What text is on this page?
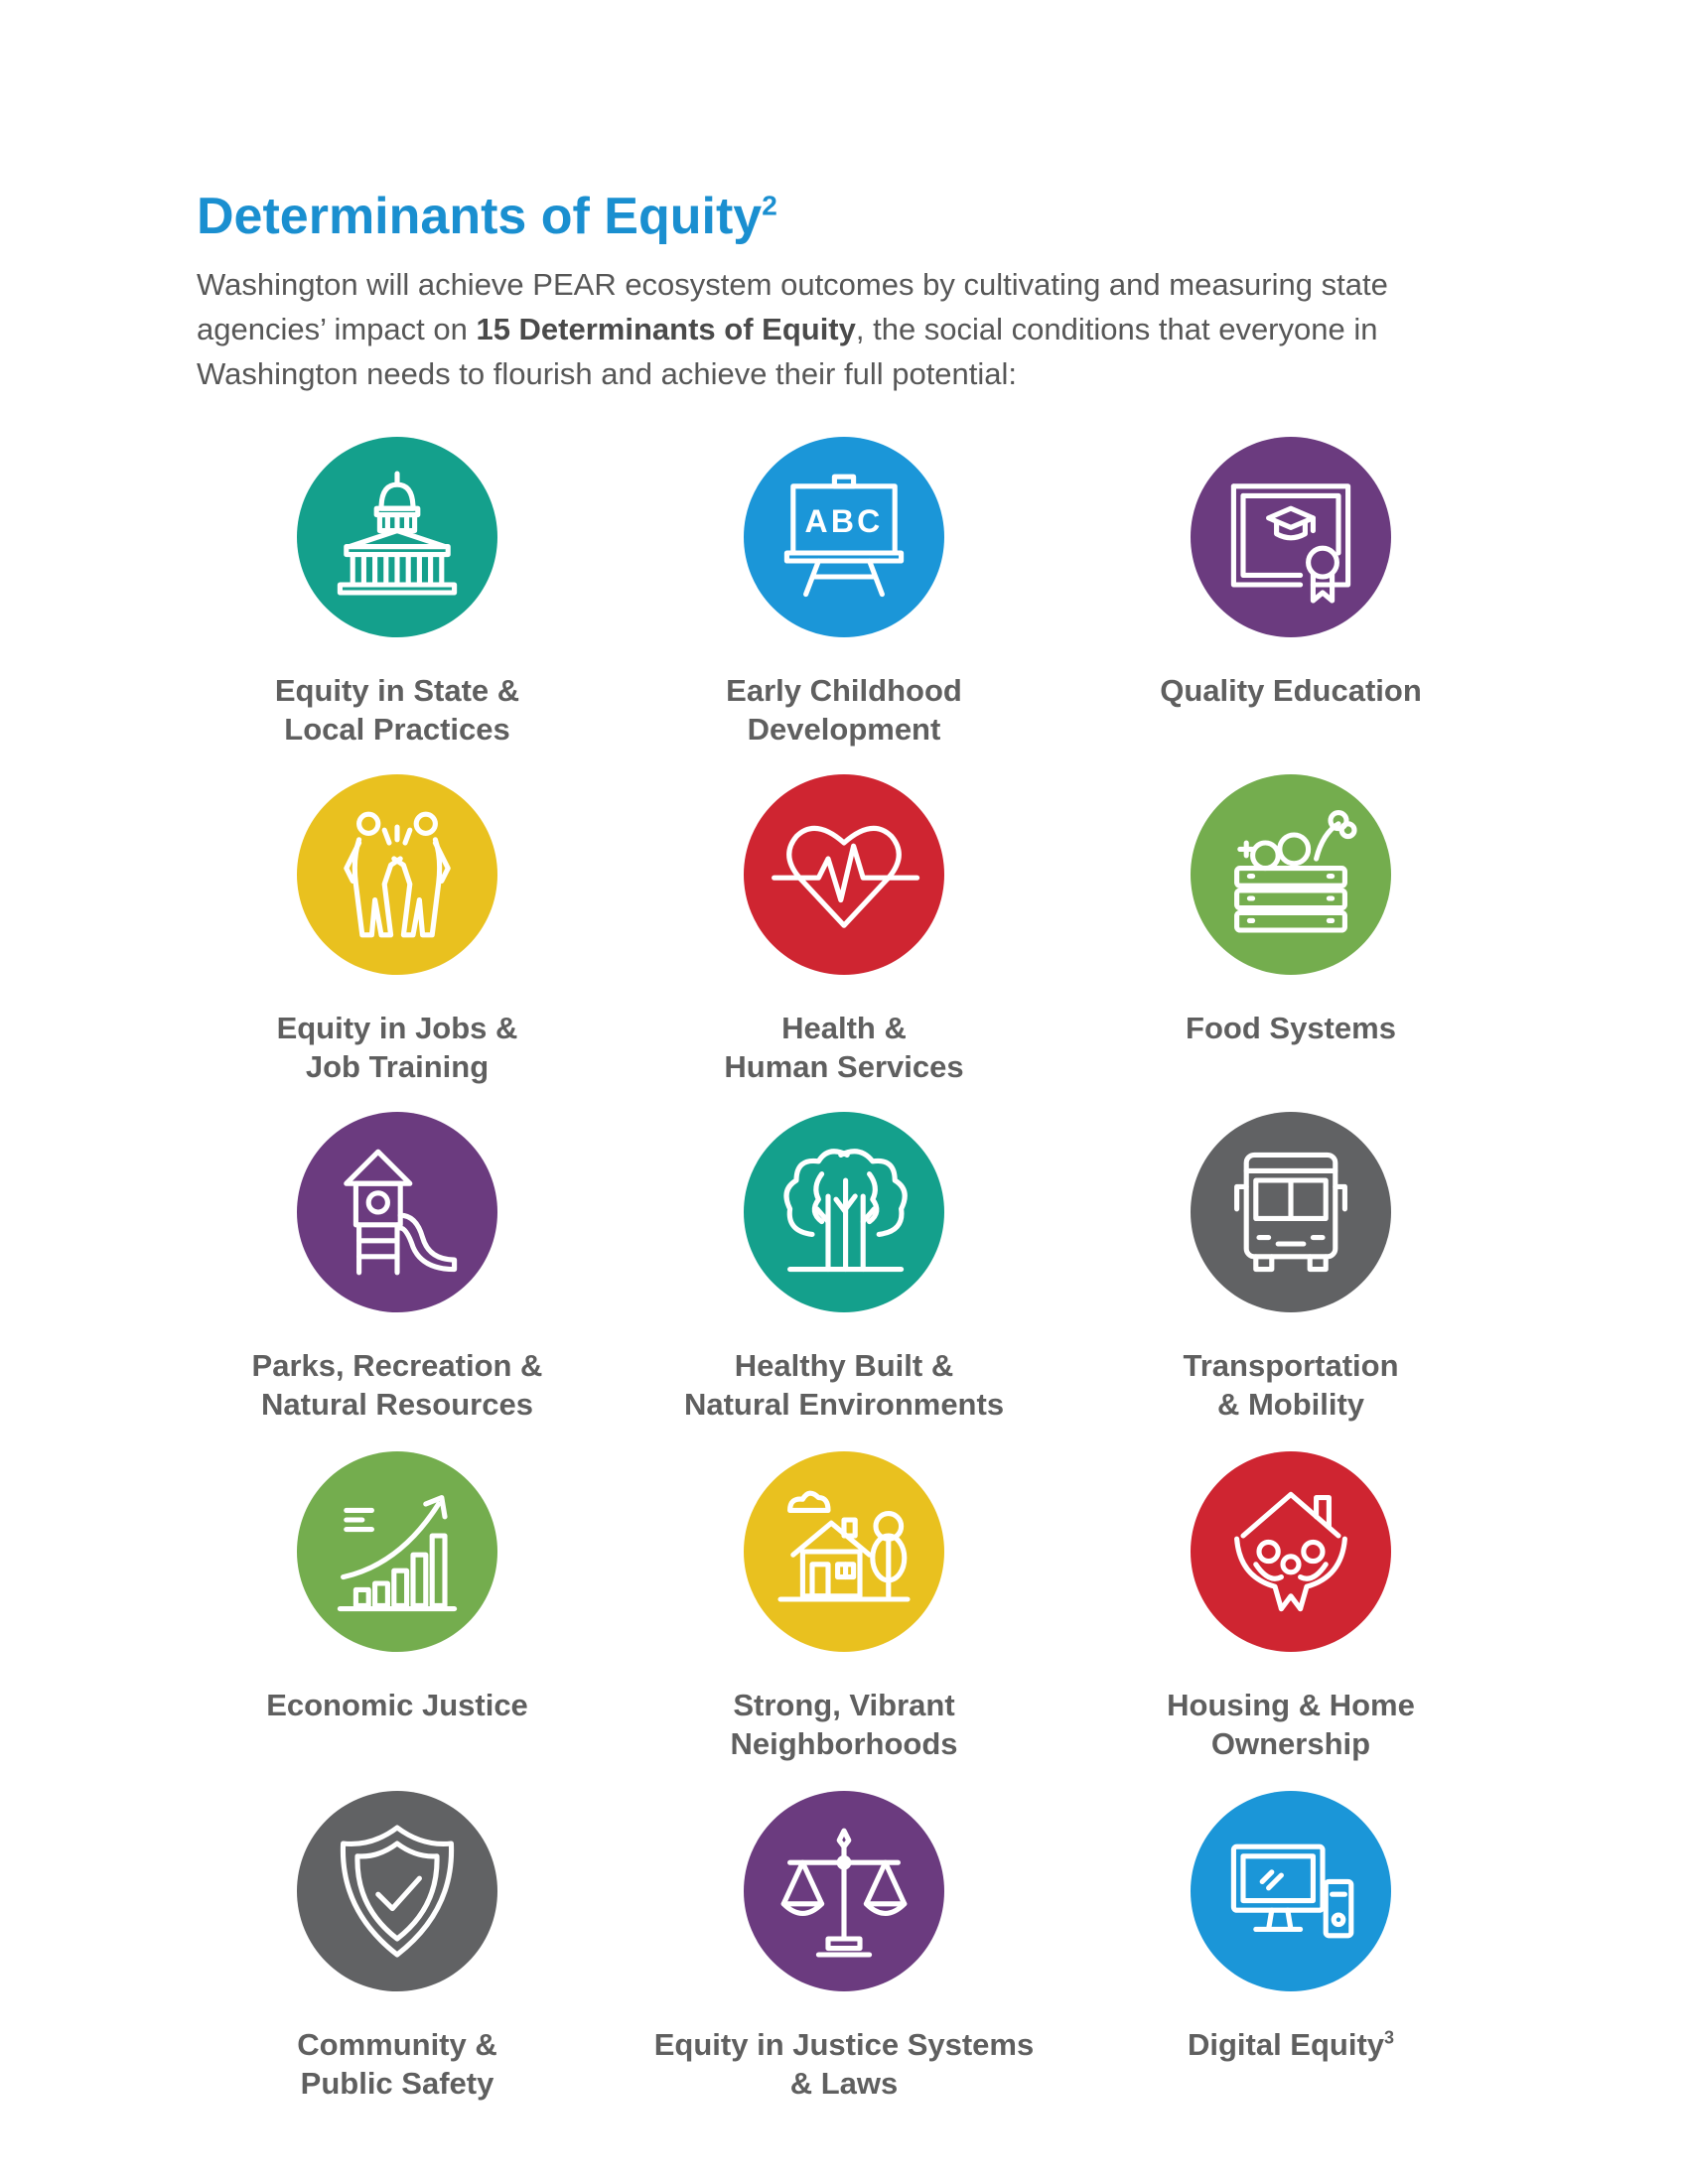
Determinants of Equity$^2$

Washington will achieve PEAR ecosystem outcomes by cultivating and measuring state agencies’ impact on 15 Determinants of Equity, the social conditions that everyone in Washington needs to flourish and achieve their full potential:

Equity in State &
Local Practices
ABC
Early Childhood
Development
Quality Education
Equity in Jobs &
Job Training
Health &
Human Services
Food Systems
Parks, Recreation &
Natural Resources
Healthy Built &
Natural Environments
Transportation
& Mobility
Economic Justice	Strong, Vibrant
Neighborhoods
Housing & Home
Ownership
Community &
Public Safety
Equity in Justice Systems
& Laws
Digital Equity$^3$
